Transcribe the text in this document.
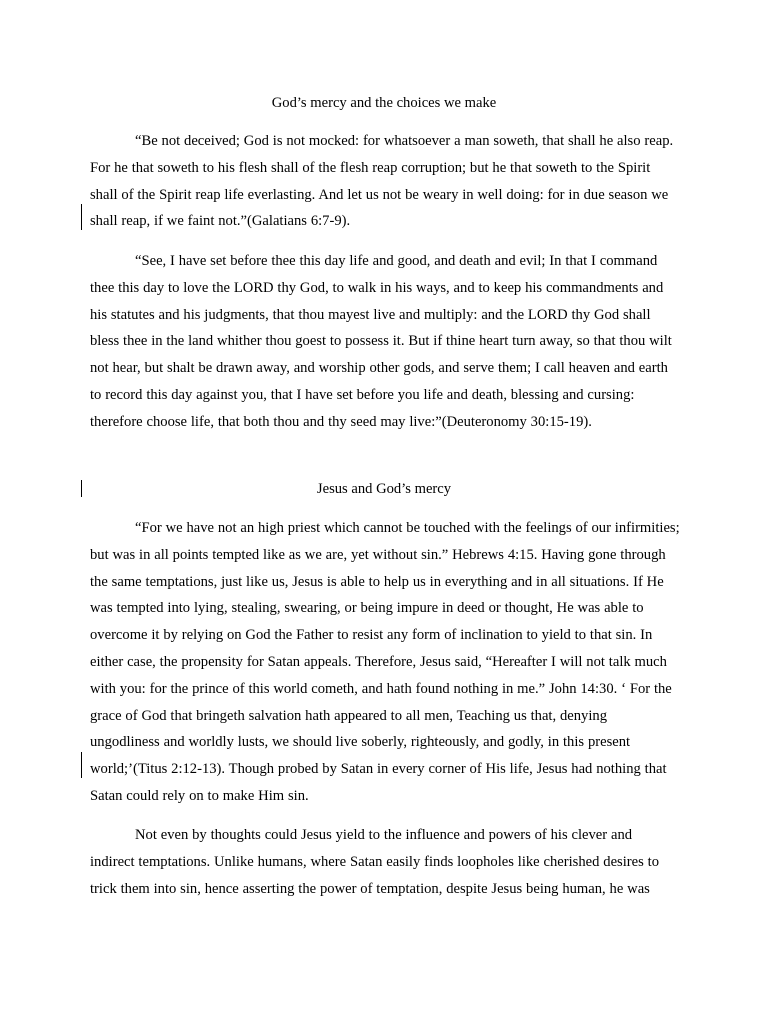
God’s mercy and the choices we make

“Be not deceived; God is not mocked: for whatsoever a man soweth, that shall he also reap. For he that soweth to his flesh shall of the flesh reap corruption; but he that soweth to the Spirit shall of the Spirit reap life everlasting. And let us not be weary in well doing: for in due season we shall reap, if we faint not.”(Galatians 6:7-9).

“See, I have set before thee this day life and good, and death and evil; In that I command thee this day to love the LORD thy God, to walk in his ways, and to keep his commandments and his statutes and his judgments, that thou mayest live and multiply: and the LORD thy God shall bless thee in the land whither thou goest to possess it. But if thine heart turn away, so that thou wilt not hear, but shalt be drawn away, and worship other gods, and serve them; I call heaven and earth to record this day against you, that I have set before you life and death, blessing and cursing: therefore choose life, that both thou and thy seed may live:”(Deuteronomy 30:15-19).

Jesus and God’s mercy

“For we have not an high priest which cannot be touched with the feelings of our infirmities; but was in all points tempted like as we are, yet without sin.” Hebrews 4:15. Having gone through the same temptations, just like us, Jesus is able to help us in everything and in all situations. If He was tempted into lying, stealing, swearing, or being impure in deed or thought, He was able to overcome it by relying on God the Father to resist any form of inclination to yield to that sin. In either case, the propensity for Satan appeals. Therefore, Jesus said, “Hereafter I will not talk much with you: for the prince of this world cometh, and hath found nothing in me.” John 14:30. ‘ For the grace of God that bringeth salvation hath appeared to all men, Teaching us that, denying ungodliness and worldly lusts, we should live soberly, righteously, and godly, in this present world;’(Titus 2:12-13). Though probed by Satan in every corner of His life, Jesus had nothing that Satan could rely on to make Him sin.

Not even by thoughts could Jesus yield to the influence and powers of his clever and indirect temptations. Unlike humans, where Satan easily finds loopholes like cherished desires to trick them into sin, hence asserting the power of temptation, despite Jesus being human, he was
